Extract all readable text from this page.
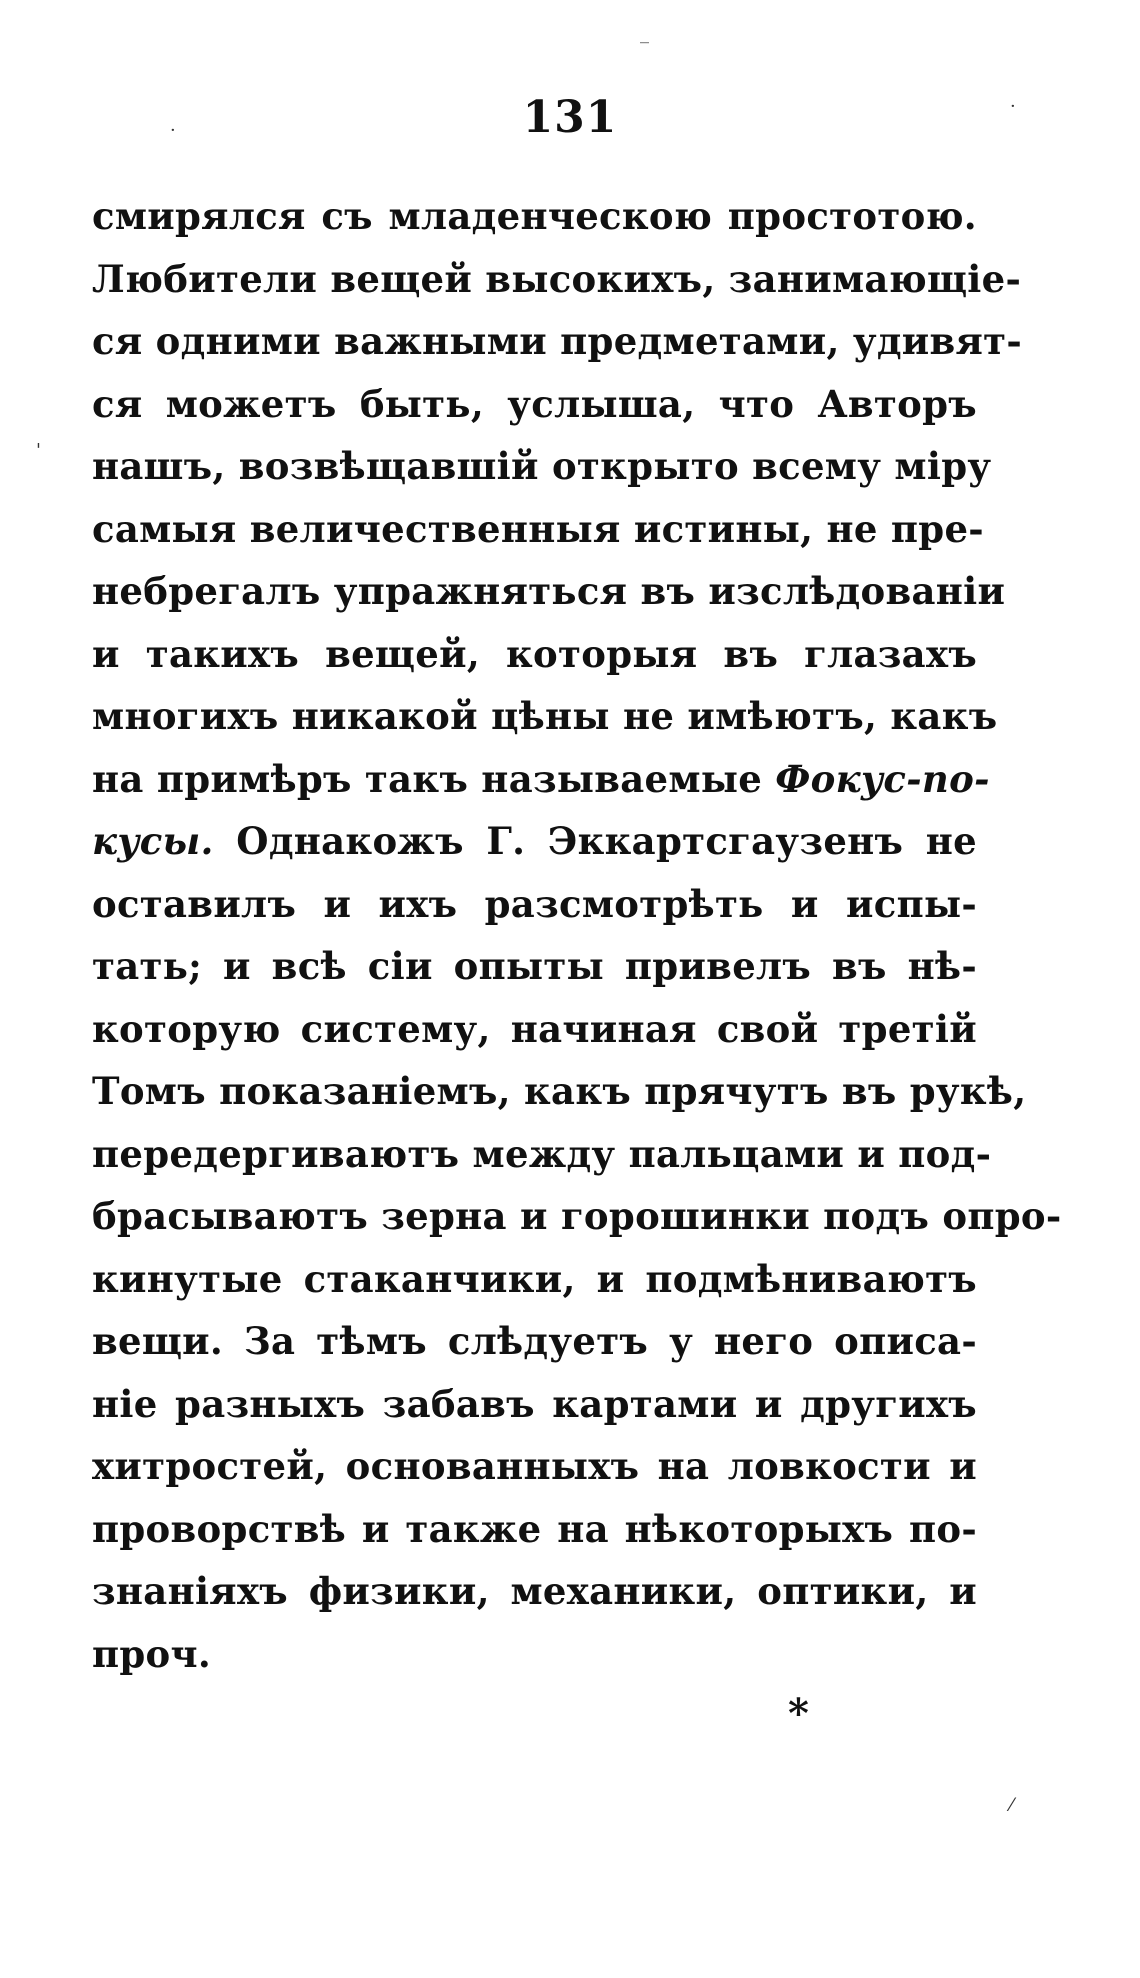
131
смирялся съ младенческою простотою.
Любители вещей высокихъ, занимающіе-
ся одними важными предметами, удивят-
ся можетъ быть, услыша, что Авторъ
нашъ, возвѣщавшій открыто всему міру
самыя величественныя истины, не пре-
небрегалъ упражняться въ изслѣдованіи
и такихъ вещей, которыя въ глазахъ
многихъ никакой цѣны не имѣютъ, какъ
на примѣръ такъ называемые Фокус-по-
кусы. Однакожъ Г. Эккартсгаузенъ не
оставилъ и ихъ разсмотрѣть и испы-
тать; и всѣ сіи опыты привелъ въ нѣ-
которую систему, начиная свой третій
Томъ показаніемъ, какъ прячутъ въ рукѣ,
передергиваютъ между пальцами и под-
брасываютъ зерна и горошинки подъ опро-
кинутые стаканчики, и подмѣниваютъ
вещи. За тѣмъ слѣдуетъ у него описа-
ніе разныхъ забавъ картами и другихъ
хитростей, основанныхъ на ловкости и
проворствѣ и также на нѣкоторыхъ по-
знаніяхъ физики, механики, оптики, и
проч.
*
‾
·
·
'
⁄
